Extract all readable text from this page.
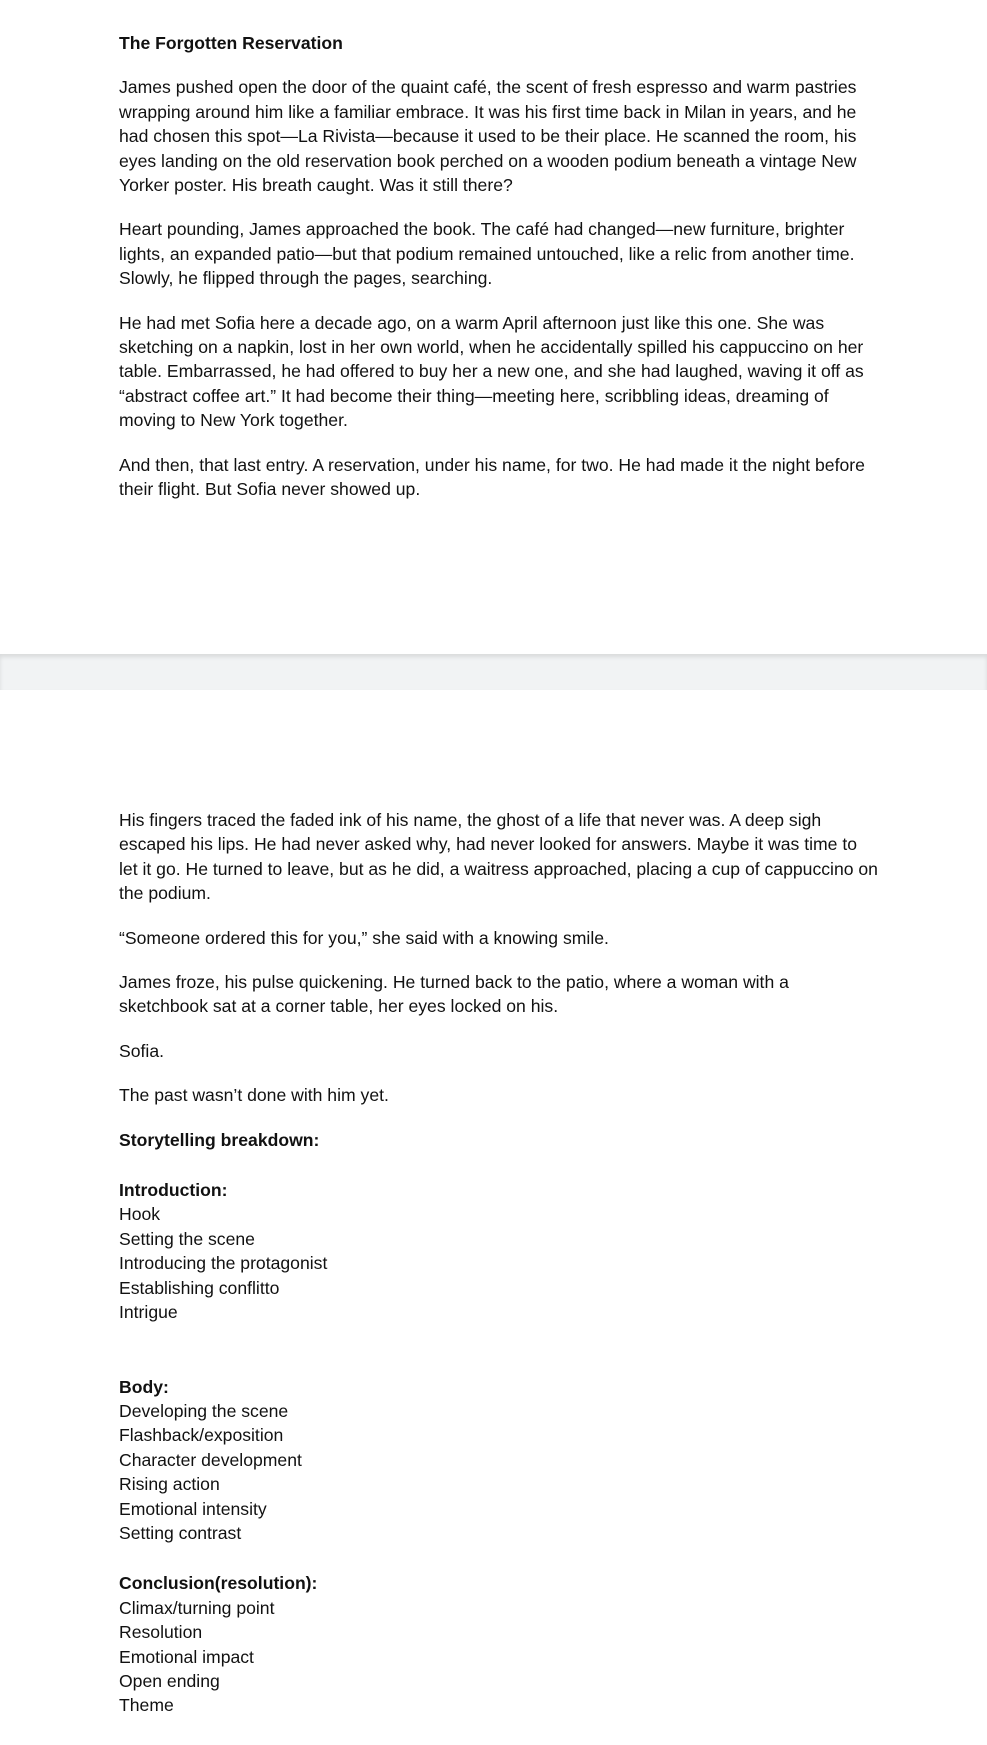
The Forgotten Reservation

James pushed open the door of the quaint café, the scent of fresh espresso and warm pastries wrapping around him like a familiar embrace. It was his first time back in Milan in years, and he had chosen this spot—La Rivista—because it used to be their place. He scanned the room, his eyes landing on the old reservation book perched on a wooden podium beneath a vintage New Yorker poster. His breath caught. Was it still there?

Heart pounding, James approached the book. The café had changed—new furniture, brighter lights, an expanded patio—but that podium remained untouched, like a relic from another time. Slowly, he flipped through the pages, searching.

He had met Sofia here a decade ago, on a warm April afternoon just like this one. She was sketching on a napkin, lost in her own world, when he accidentally spilled his cappuccino on her table. Embarrassed, he had offered to buy her a new one, and she had laughed, waving it off as “abstract coffee art.” It had become their thing—meeting here, scribbling ideas, dreaming of moving to New York together.

And then, that last entry. A reservation, under his name, for two. He had made it the night before their flight. But Sofia never showed up.

His fingers traced the faded ink of his name, the ghost of a life that never was. A deep sigh escaped his lips. He had never asked why, had never looked for answers. Maybe it was time to let it go. He turned to leave, but as he did, a waitress approached, placing a cup of cappuccino on the podium.

“Someone ordered this for you,” she said with a knowing smile.

James froze, his pulse quickening. He turned back to the patio, where a woman with a sketchbook sat at a corner table, her eyes locked on his.

Sofia.

The past wasn’t done with him yet.

Storytelling breakdown:
Introduction:
Hook
Setting the scene
Introducing the protagonist
Establishing conflitto
Intrigue
Body:
Developing the scene
Flashback/exposition
Character development
Rising action
Emotional intensity
Setting contrast
Conclusion(resolution):
Climax/turning point
Resolution
Emotional impact
Open ending
Theme
